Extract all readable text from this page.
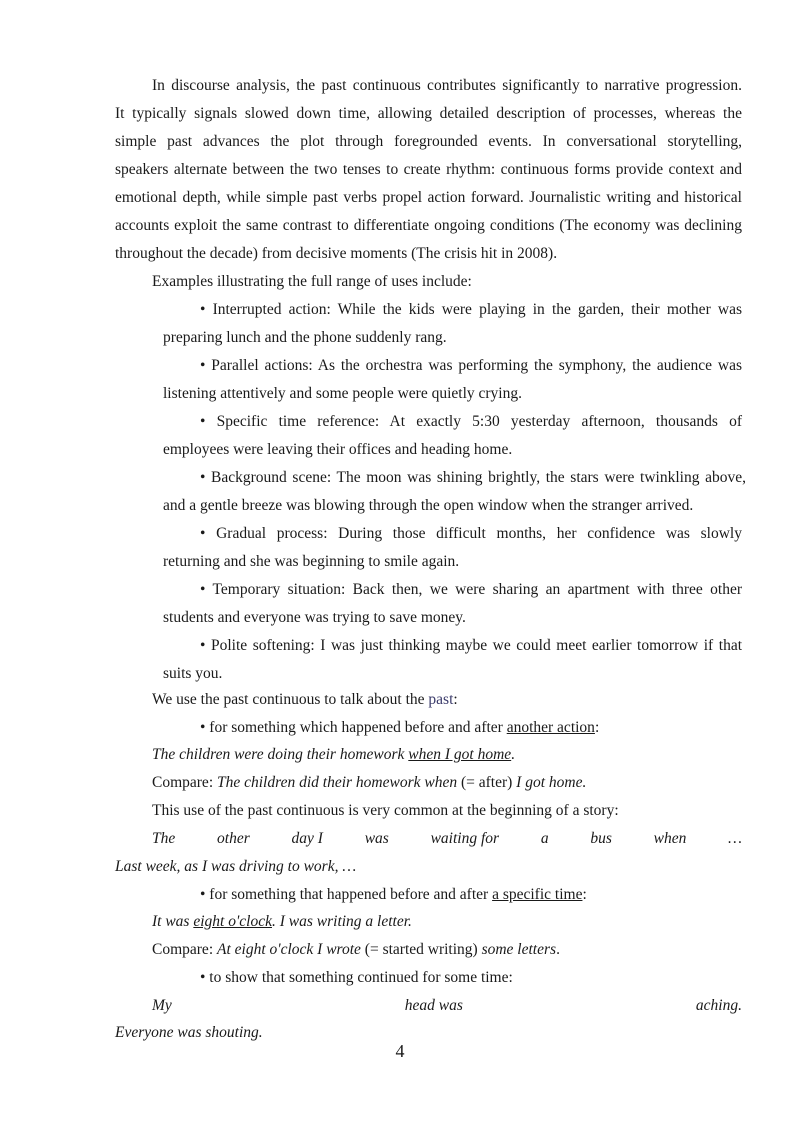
In discourse analysis, the past continuous contributes significantly to narrative progression.
It typically signals slowed down time, allowing detailed description of processes, whereas the
simple past advances the plot through foregrounded events. In conversational storytelling,
speakers alternate between the two tenses to create rhythm: continuous forms provide context and
emotional depth, while simple past verbs propel action forward. Journalistic writing and historical
accounts exploit the same contrast to differentiate ongoing conditions (The economy was declining
throughout the decade) from decisive moments (The crisis hit in 2008).
Examples illustrating the full range of uses include:
• Interrupted action: While the kids were playing in the garden, their mother was
preparing lunch and the phone suddenly rang.
• Parallel actions: As the orchestra was performing the symphony, the audience was
listening attentively and some people were quietly crying.
• Specific time reference: At exactly 5:30 yesterday afternoon, thousands of
employees were leaving their offices and heading home.
• Background scene: The moon was shining brightly, the stars were twinkling above,
and a gentle breeze was blowing through the open window when the stranger arrived.
• Gradual process: During those difficult months, her confidence was slowly
returning and she was beginning to smile again.
• Temporary situation: Back then, we were sharing an apartment with three other
students and everyone was trying to save money.
• Polite softening: I was just thinking maybe we could meet earlier tomorrow if that
suits you.
We use the past continuous to talk about the past:
• for something which happened before and after another action:
The children were doing their homework when I got home.
Compare: The children did their homework when (= after) I got home.
This use of the past continuous is very common at the beginning of a story:
The	other	day I	was	waiting for	a	bus	when	…
Last week, as I was driving to work, …
• for something that happened before and after a specific time:
It was eight o'clock. I was writing a letter.
Compare: At eight o'clock I wrote (= started writing) some letters.
• to show that something continued for some time:
My	head was	aching.
Everyone was shouting.
4
